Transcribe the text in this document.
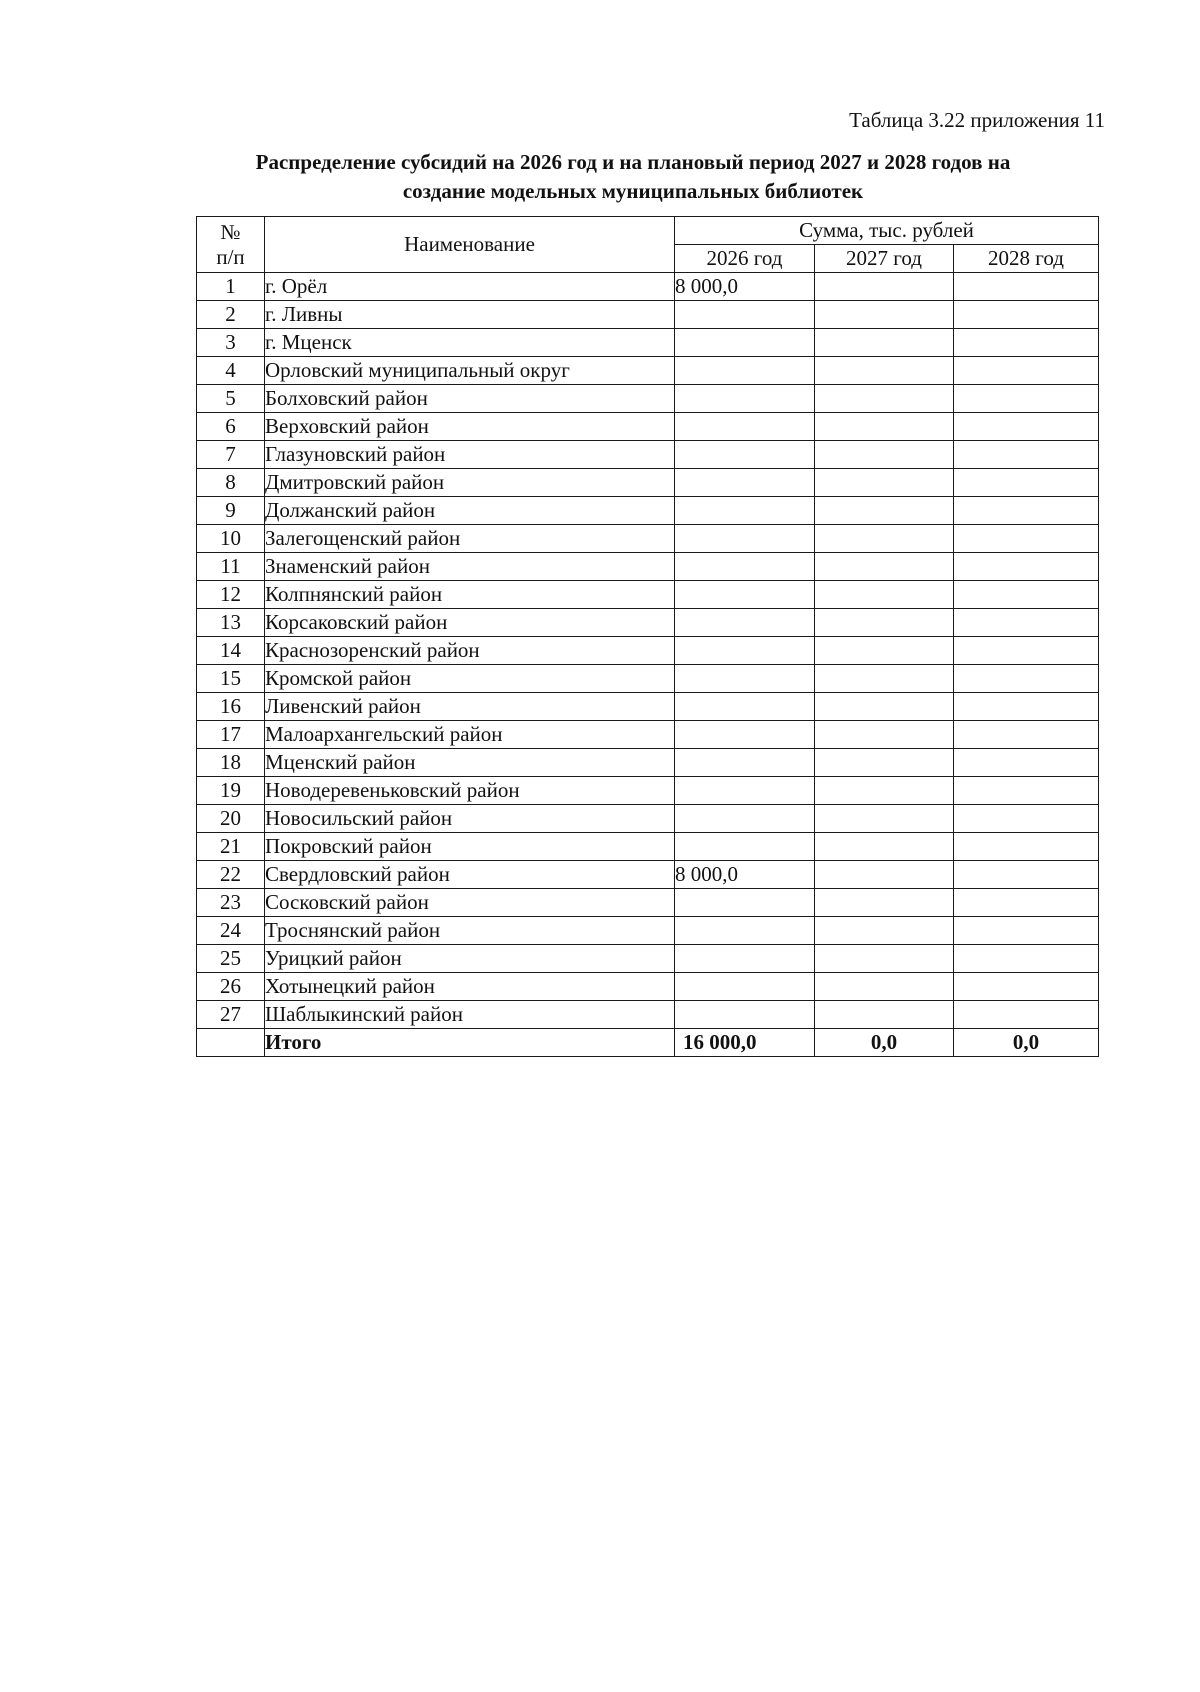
Таблица 3.22 приложения 11
Распределение субсидий на 2026 год и на плановый период 2027 и 2028 годов на
создание модельных муниципальных библиотек
№
п/п	Наименование	Сумма, тыс. рублей		
		2026 год	2027 год	2028 год
1	г. Орёл	8 000,0		
2	г. Ливны			
3	г. Мценск			
4	Орловский муниципальный округ			
5	Болховский район			
6	Верховский район			
7	Глазуновский район			
8	Дмитровский район			
9	Должанский район			
10	Залегощенский район			
11	Знаменский район			
12	Колпнянский район			
13	Корсаковский район			
14	Краснозоренский район			
15	Кромской район			
16	Ливенский район			
17	Малоархангельский район			
18	Мценский район			
19	Новодеревеньковский район			
20	Новосильский район			
21	Покровский район			
22	Свердловский район	8 000,0		
23	Сосковский район			
24	Троснянский район			
25	Урицкий район			
26	Хотынецкий район			
27	Шаблыкинский район			
	Итого	16 000,0	0,0	0,0
